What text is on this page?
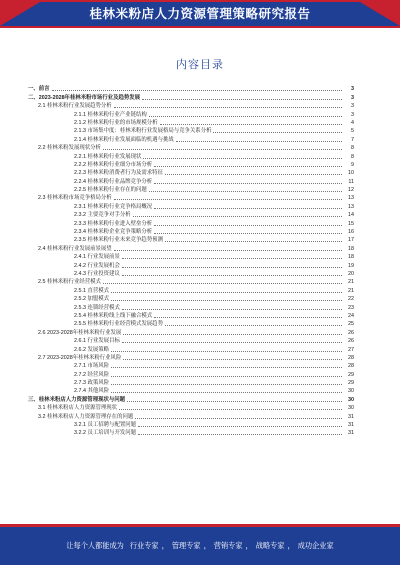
桂林米粉店人力资源管理策略研究报告
内容目录
一、前言	3
二、2023-2028年桂林米粉市场行业及趋势发展	3
2.1 桂林米粉行业发展趋势分析	3
2.1.1 桂林米粉行业产业链结构	3
2.1.2 桂林米粉行业的市场规模分析	4
2.1.3 市场集中度：桂林米粉行业发展格局与竞争关系分析	5
2.1.4 桂林米粉行业发展面临的机遇与挑战	7
2.2 桂林米粉发展现状分析	8
2.2.1 桂林米粉行业发展现状	8
2.2.2 桂林米粉行业细分市场分析	9
2.2.3 桂林米粉消费者行为及需求特征	10
2.2.4 桂林米粉行业品牌竞争分析	11
2.2.5 桂林米粉行业存在的问题	12
2.3 桂林米粉市场竞争格局分析	13
2.3.1 桂林米粉行业竞争格局概况	13
2.3.2 主要竞争对手分析	14
2.3.3 桂林米粉行业进入壁垒分析	15
2.3.4 桂林米粉企业竞争策略分析	16
2.3.5 桂林米粉行业未来竞争趋势预测	17
2.4 桂林米粉行业发展前景展望	18
2.4.1 行业发展前景	18
2.4.2 行业发展机会	19
2.4.3 行业投资建议	20
2.5 桂林米粉行业经营模式	21
2.5.1 直营模式	21
2.5.2 加盟模式	22
2.5.3 连锁经营模式	23
2.5.4 桂林米粉线上线下融合模式	24
2.5.5 桂林米粉行业经营模式发展趋势	25
2.6 2023-2028年桂林米粉行业发展	26
2.6.1 行业发展目标	26
2.6.2 发展策略	27
2.7 2023-2028年桂林米粉行业风险	28
2.7.1 市场风险	28
2.7.2 经营风险	29
2.7.3 政策风险	29
2.7.4 其他风险	30
三、桂林米粉店人力资源管理现状与问题	30
3.1 桂林米粉店人力资源管理现状	30
3.2 桂林米粉店人力资源管理存在的问题	31
3.2.1 员工招聘与配置问题	31
3.2.2 员工培训与开发问题	31
让每个人都能成为 行业专家 ， 管理专家 ， 营销专家 ， 战略专家 ， 成功企业家
